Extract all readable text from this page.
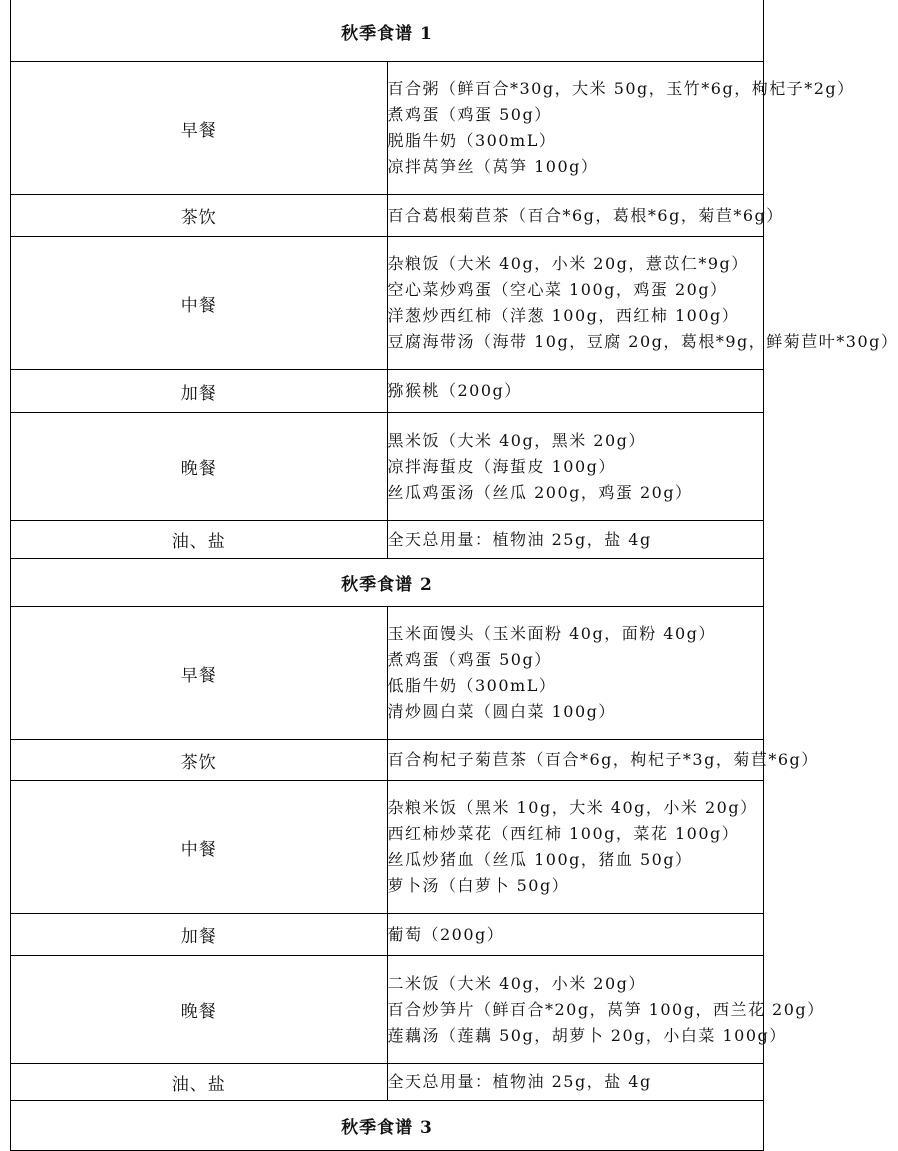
秋季食谱 1	
早餐	百合粥（鲜百合*30g，大米 50g，玉竹*6g，枸杞子*2g）
煮鸡蛋（鸡蛋 50g）
脱脂牛奶（300mL）
凉拌莴笋丝（莴笋 100g）

茶饮	百合葛根菊苣茶（百合*6g，葛根*6g，菊苣*6g）

中餐	杂粮饭（大米 40g，小米 20g，薏苡仁*9g）
空心菜炒鸡蛋（空心菜 100g，鸡蛋 20g）
洋葱炒西红柿（洋葱 100g，西红柿 100g）
豆腐海带汤（海带 10g，豆腐 20g，葛根*9g，鲜菊苣叶*30g）

加餐	猕猴桃（200g）

晚餐	黑米饭（大米 40g，黑米 20g）
凉拌海蜇皮（海蜇皮 100g）
丝瓜鸡蛋汤（丝瓜 200g，鸡蛋 20g）

油、盐	全天总用量：植物油 25g，盐 4g

秋季食谱 2	
早餐	玉米面馒头（玉米面粉 40g，面粉 40g）
煮鸡蛋（鸡蛋 50g）
低脂牛奶（300mL）
清炒圆白菜（圆白菜 100g）

茶饮	百合枸杞子菊苣茶（百合*6g，枸杞子*3g，菊苣*6g）

中餐	杂粮米饭（黑米 10g，大米 40g，小米 20g）
西红柿炒菜花（西红柿 100g，菜花 100g）
丝瓜炒猪血（丝瓜 100g，猪血 50g）
萝卜汤（白萝卜 50g）

加餐	葡萄（200g）

晚餐	二米饭（大米 40g，小米 20g）
百合炒笋片（鲜百合*20g，莴笋 100g，西兰花 20g）
莲藕汤（莲藕 50g，胡萝卜 20g，小白菜 100g）

油、盐	全天总用量：植物油 25g，盐 4g

秋季食谱 3	
